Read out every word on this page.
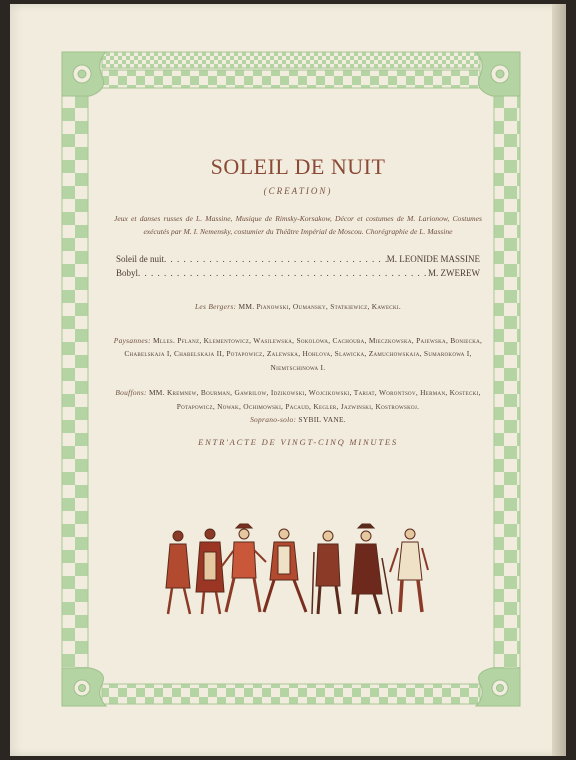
SOLEIL DE NUIT
(CREATION)
Jeux et danses russes de L. Massine, Musique de Rimsky-Korsakow, Décor et costumes de M. Larionow, Costumes exécutés par M. I. Nemensky, costumier du Théâtre Impérial de Moscou. Chorégraphie de L. Massine
Soleil de nuit . . .	M. LEONIDE MASSINE
Bobyl . . .	M. ZWEREW
Les Bergers: MM. Pianowski, Oumansky, Statkiewicz, Kawecki.
Paysannes: Mlles. Pflanz, Klementowicz, Wasilewska, Sokolowa, Cachouba, Mieczkowska, Pajewska, Boniecka, Chabelskaja I, Chabelskaja II, Potapowicz, Zalewska, Hohlova, Slawicka, Zamuchowskaja, Sumarokowa I, Niemtschinowa I.
Bouffons: MM. Kremnew, Bourman, Gawrilow, Idzikowski, Wojcikowski, Tariat, Worontsov, Herman, Kostecki, Potapowicz, Nowak, Ochimowski, Pacaud, Kegler, Jazwinski, Kostrowskoj.
Soprano-solo: SYBIL VANE.
ENTR'ACTE DE VINGT-CINQ MINUTES
